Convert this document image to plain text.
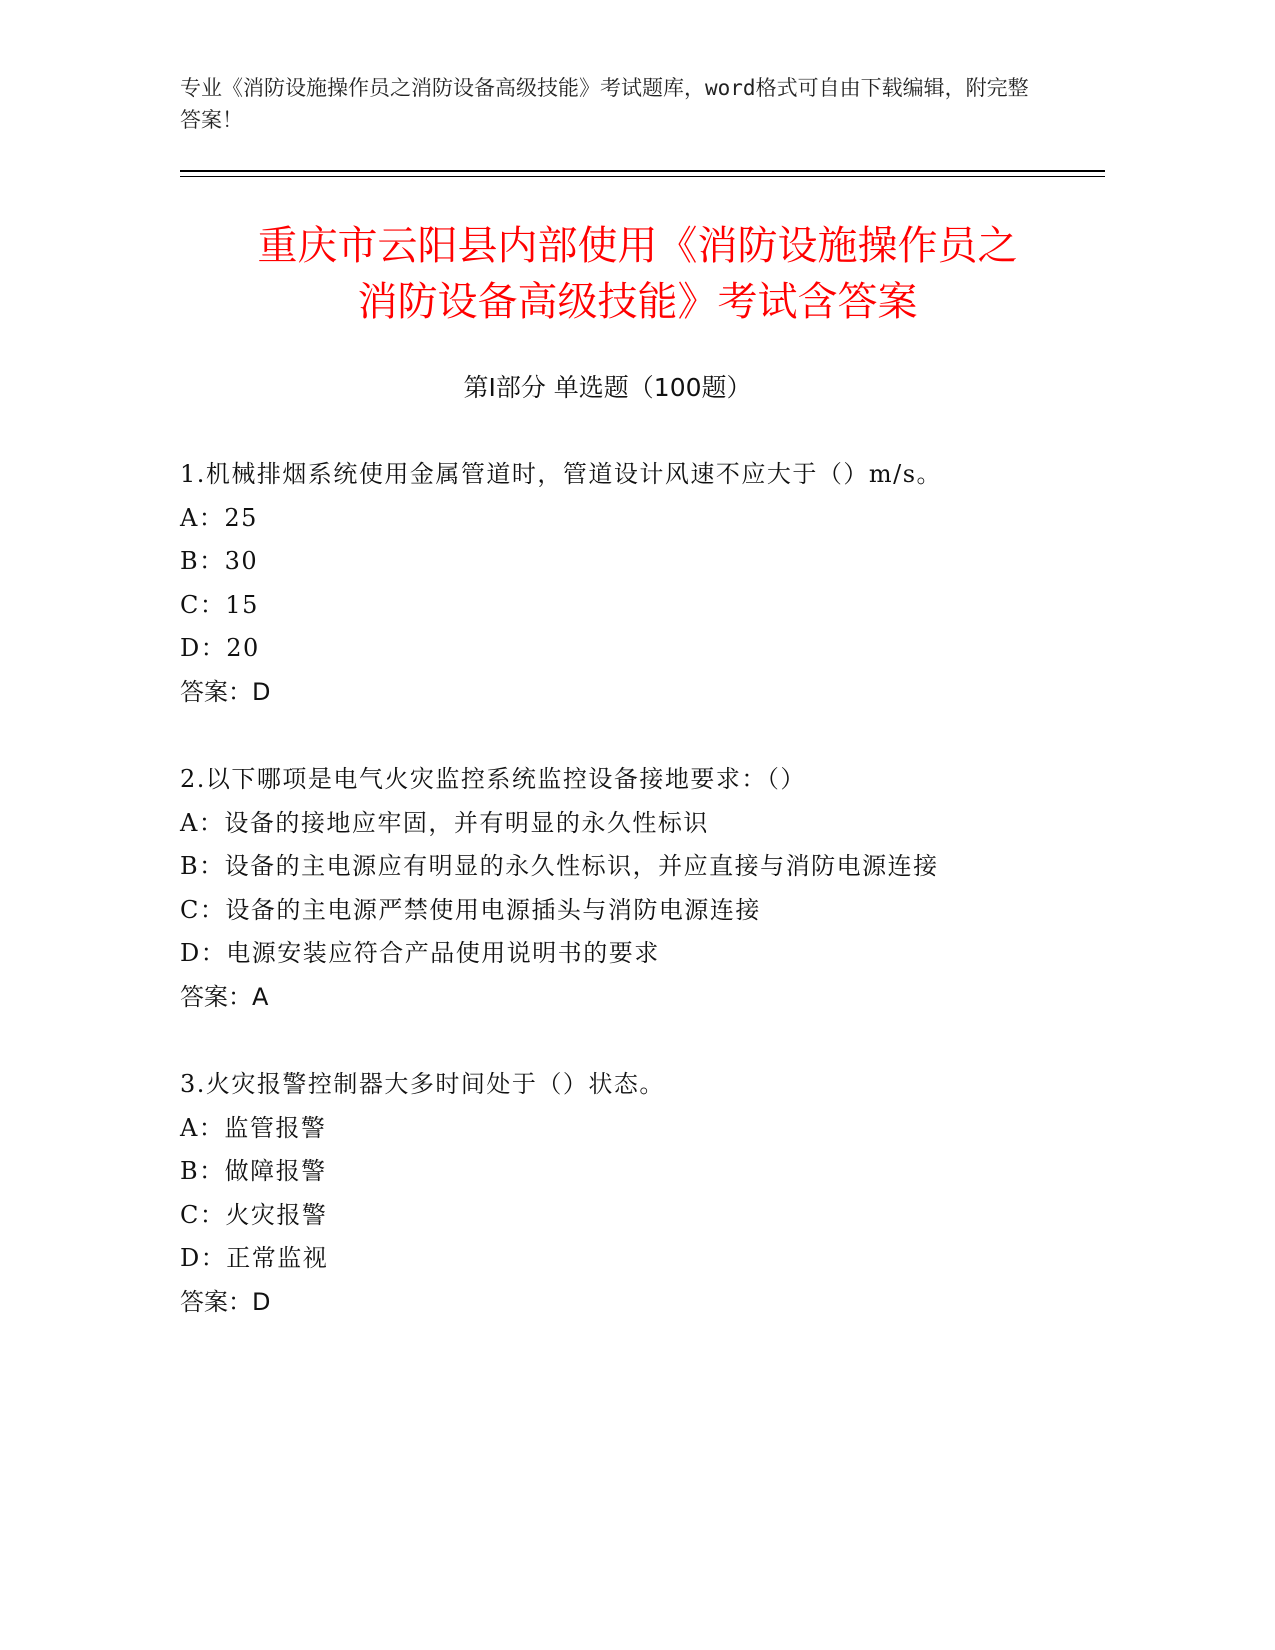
专业《消防设施操作员之消防设备高级技能》考试题库，word格式可自由下载编辑，附完整答案！
重庆市云阳县内部使用《消防设施操作员之
消防设备高级技能》考试含答案
第Ⅰ部分 单选题（100题）
1.机械排烟系统使用金属管道时，管道设计风速不应大于（）m/s。
A：25
B：30
C：15
D：20
答案：D
2.以下哪项是电气火灾监控系统监控设备接地要求：（）
A：设备的接地应牢固，并有明显的永久性标识
B：设备的主电源应有明显的永久性标识，并应直接与消防电源连接
C：设备的主电源严禁使用电源插头与消防电源连接
D：电源安装应符合产品使用说明书的要求
答案：A
3.火灾报警控制器大多时间处于（）状态。
A：监管报警
B：做障报警
C：火灾报警
D：正常监视
答案：D
